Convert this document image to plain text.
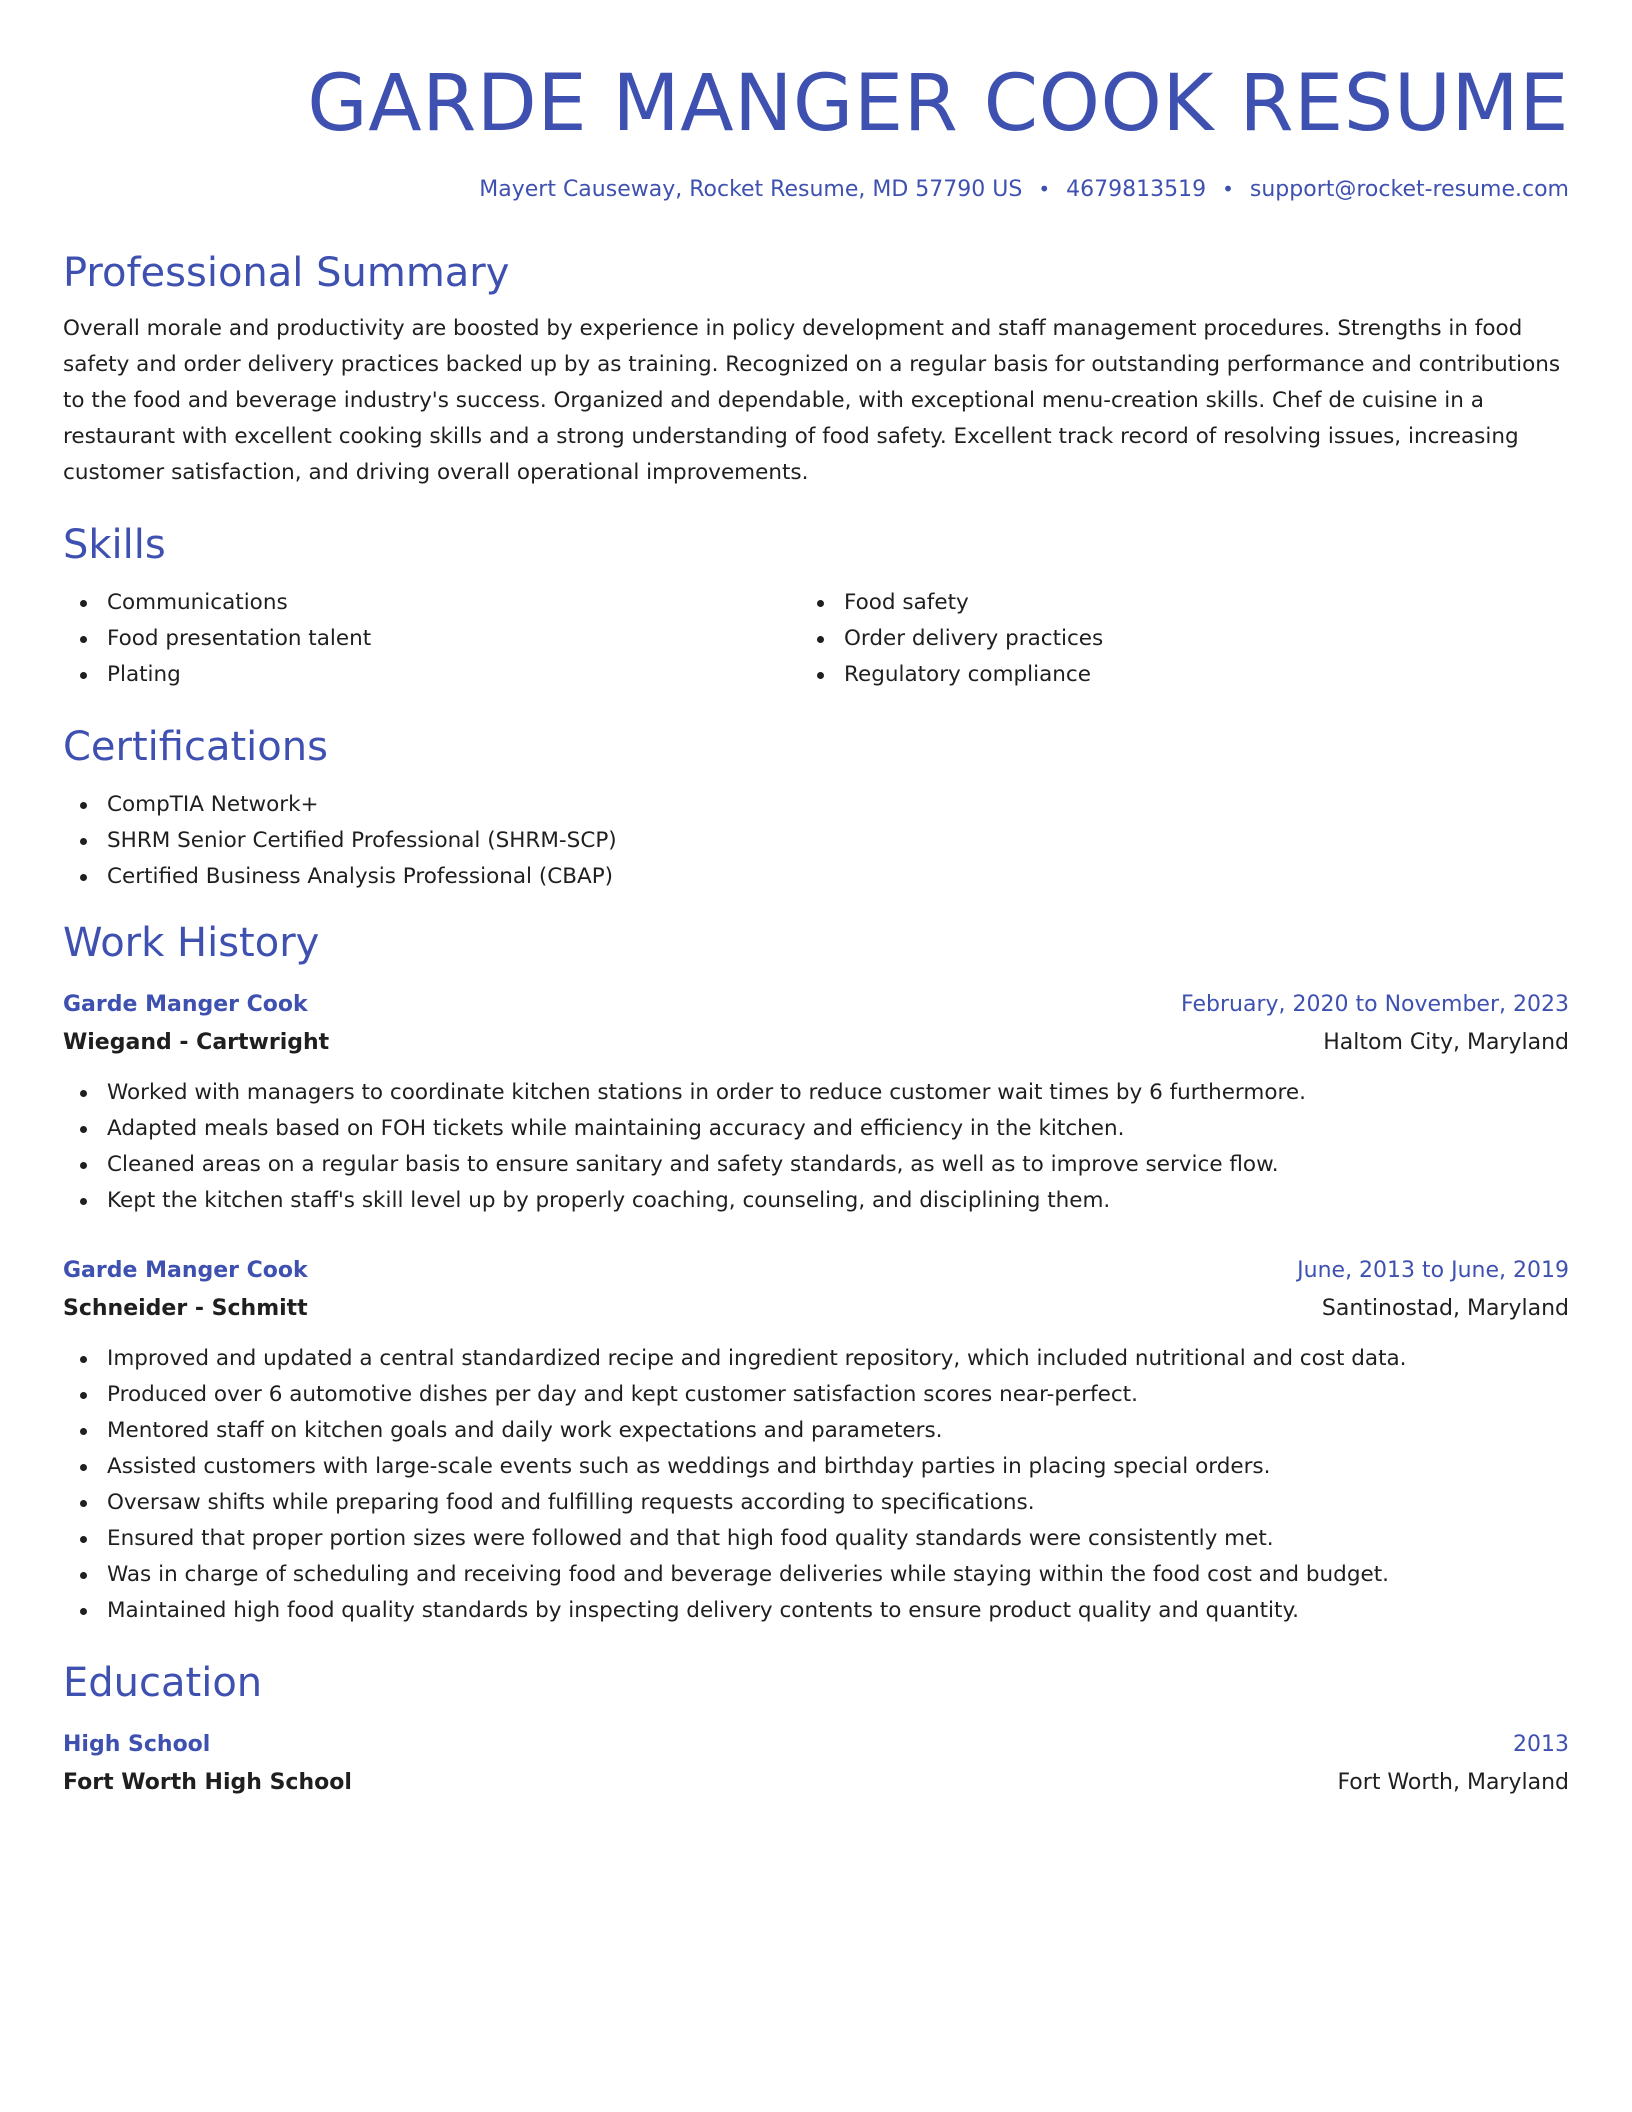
GARDE MANGER COOK RESUME
Mayert Causeway, Rocket Resume, MD 57790 US • 4679813519 • support@rocket-resume.com
Professional Summary

Overall morale and productivity are boosted by experience in policy development and staff management procedures. Strengths in food safety and order delivery practices backed up by as training. Recognized on a regular basis for outstanding performance and contributions to the food and beverage industry's success. Organized and dependable, with exceptional menu-creation skills. Chef de cuisine in a restaurant with excellent cooking skills and a strong understanding of food safety. Excellent track record of resolving issues, increasing customer satisfaction, and driving overall operational improvements.

Skills
Communications
Food presentation talent
Plating
Food safety
Order delivery practices
Regulatory compliance
Certifications
CompTIA Network+
SHRM Senior Certified Professional (SHRM-SCP)
Certified Business Analysis Professional (CBAP)
Work History
Garde Manger Cook	February, 2020 to November, 2023
Wiegand - Cartwright	Haltom City, Maryland
Worked with managers to coordinate kitchen stations in order to reduce customer wait times by 6 furthermore.
Adapted meals based on FOH tickets while maintaining accuracy and efficiency in the kitchen.
Cleaned areas on a regular basis to ensure sanitary and safety standards, as well as to improve service flow.
Kept the kitchen staff's skill level up by properly coaching, counseling, and disciplining them.
Garde Manger Cook	June, 2013 to June, 2019
Schneider - Schmitt	Santinostad, Maryland
Improved and updated a central standardized recipe and ingredient repository, which included nutritional and cost data.
Produced over 6 automotive dishes per day and kept customer satisfaction scores near-perfect.
Mentored staff on kitchen goals and daily work expectations and parameters.
Assisted customers with large-scale events such as weddings and birthday parties in placing special orders.
Oversaw shifts while preparing food and fulfilling requests according to specifications.
Ensured that proper portion sizes were followed and that high food quality standards were consistently met.
Was in charge of scheduling and receiving food and beverage deliveries while staying within the food cost and budget.
Maintained high food quality standards by inspecting delivery contents to ensure product quality and quantity.
Education
High School	2013
Fort Worth High School	Fort Worth, Maryland
